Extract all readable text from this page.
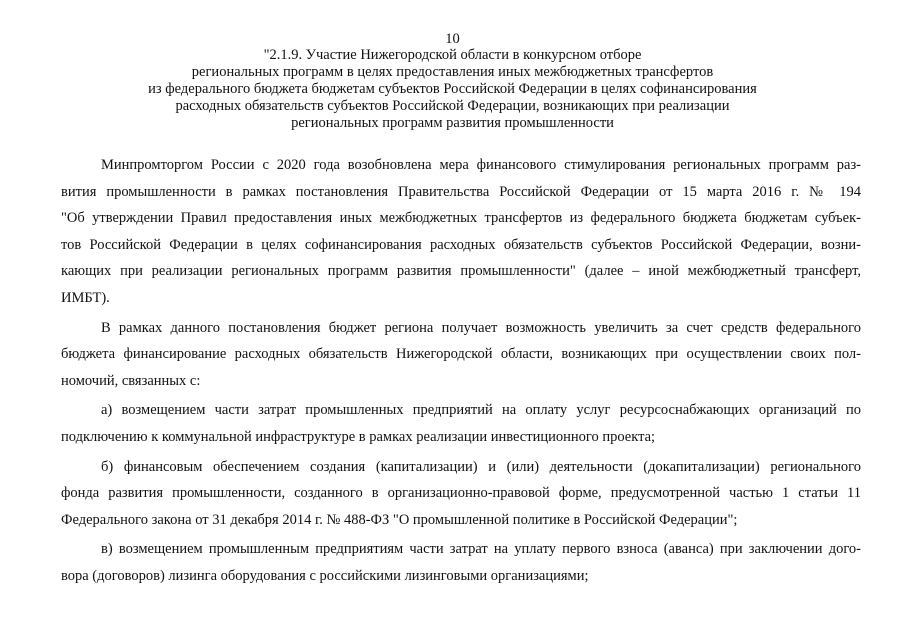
10
"2.1.9. Участие Нижегородской области в конкурсном отборе
региональных программ в целях предоставления иных межбюджетных трансфертов
из федерального бюджета бюджетам субъектов Российской Федерации в целях софинансирования
расходных обязательств субъектов Российской Федерации, возникающих при реализации
региональных программ развития промышленности
Минпромторгом России с 2020 года возобновлена мера финансового стимулирования региональных программ раз-
вития промышленности в рамках постановления Правительства Российской Федерации от 15 марта 2016 г. № 194
"Об утверждении Правил предоставления иных межбюджетных трансфертов из федерального бюджета бюджетам субъек-
тов Российской Федерации в целях софинансирования расходных обязательств субъектов Российской Федерации, возни-
кающих при реализации региональных программ развития промышленности" (далее – иной межбюджетный трансферт,
ИМБТ).
В рамках данного постановления бюджет региона получает возможность увеличить за счет средств федерального
бюджета финансирование расходных обязательств Нижегородской области, возникающих при осуществлении своих пол-
номочий, связанных с:
а) возмещением части затрат промышленных предприятий на оплату услуг ресурсоснабжающих организаций по
подключению к коммунальной инфраструктуре в рамках реализации инвестиционного проекта;
б) финансовым обеспечением создания (капитализации) и (или) деятельности (докапитализации) регионального
фонда развития промышленности, созданного в организационно-правовой форме, предусмотренной частью 1 статьи 11
Федерального закона от 31 декабря 2014 г. № 488-ФЗ "О промышленной политике в Российской Федерации";
в) возмещением промышленным предприятиям части затрат на уплату первого взноса (аванса) при заключении дого-
вора (договоров) лизинга оборудования с российскими лизинговыми организациями;
